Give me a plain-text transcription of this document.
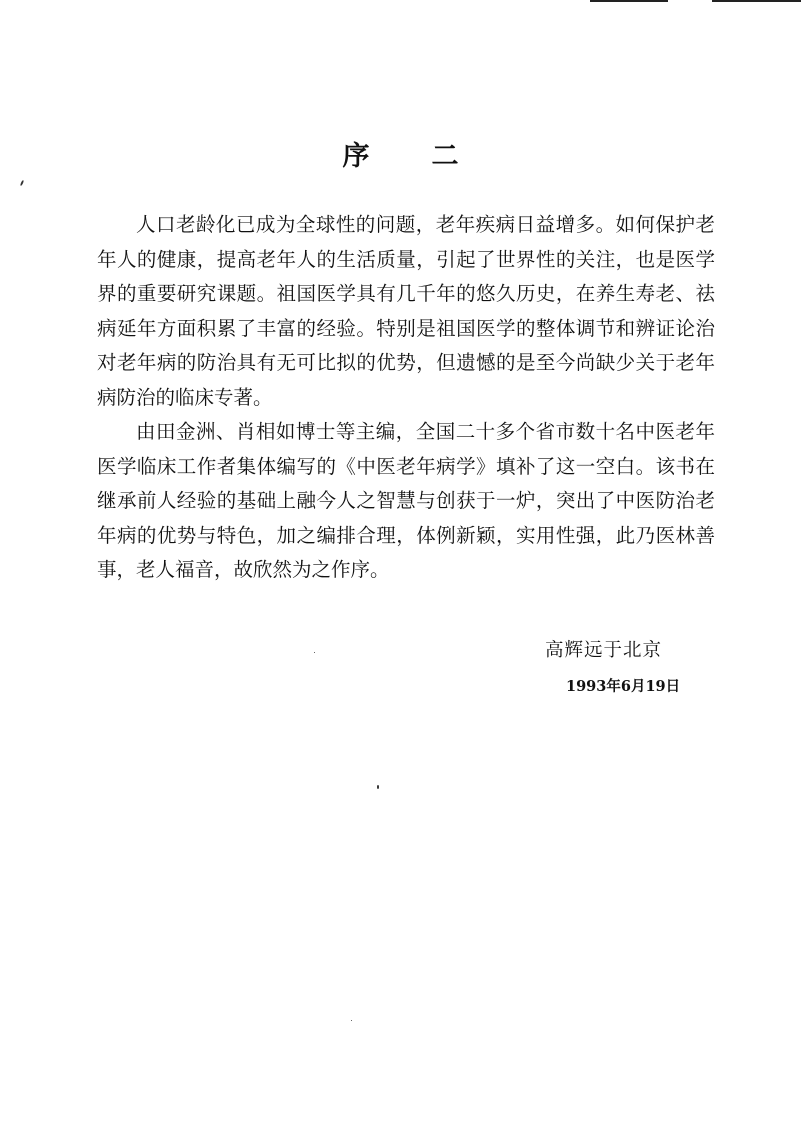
序二

人口老龄化已成为全球性的问题，老年疾病日益增多。如何保护老年人的健康，提高老年人的生活质量，引起了世界性的关注，也是医学界的重要研究课题。祖国医学具有几千年的悠久历史，在养生寿老、祛病延年方面积累了丰富的经验。特别是祖国医学的整体调节和辨证论治对老年病的防治具有无可比拟的优势，但遗憾的是至今尚缺少关于老年病防治的临床专著。

由田金洲、肖相如博士等主编，全国二十多个省市数十名中医老年医学临床工作者集体编写的《中医老年病学》填补了这一空白。该书在继承前人经验的基础上融今人之智慧与创获于一炉，突出了中医防治老年病的优势与特色，加之编排合理，体例新颖，实用性强，此乃医林善事，老人福音，故欣然为之作序。

高辉远于北京
1993年6月19日
